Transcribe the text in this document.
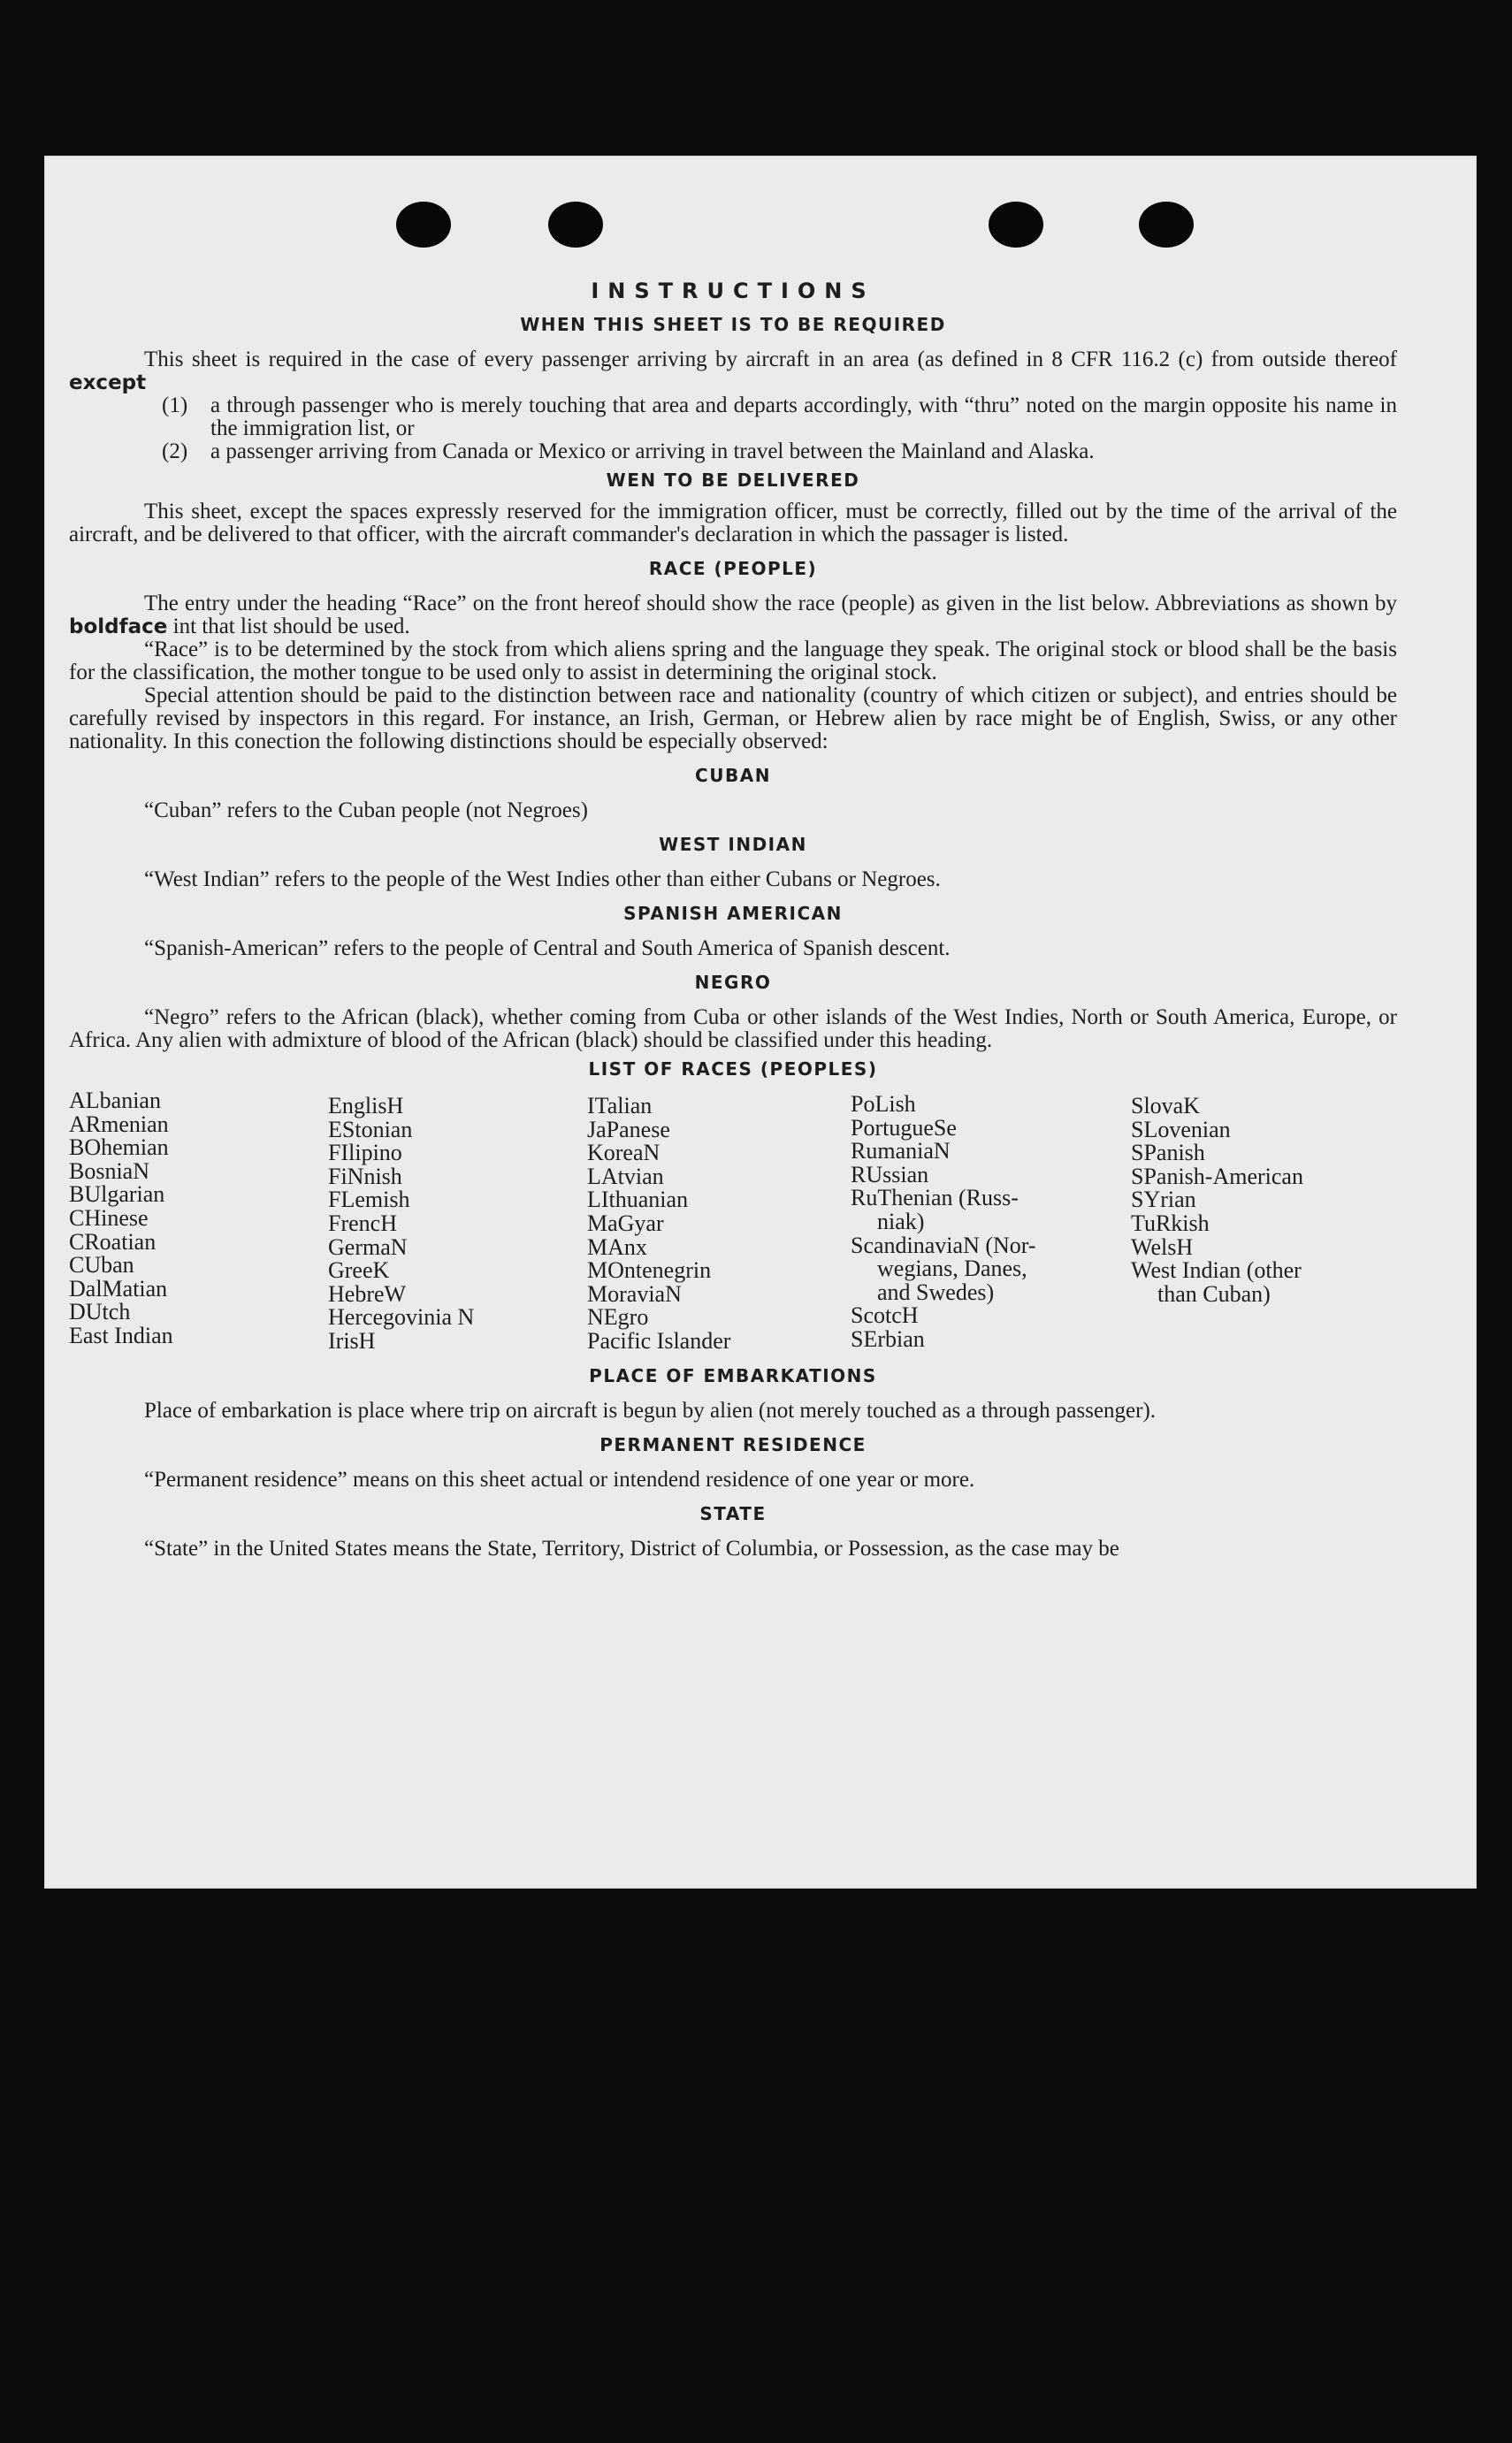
INSTRUCTIONS
WHEN THIS SHEET IS TO BE REQUIRED

This sheet is required in the case of every passenger arriving by aircraft in an area (as defined in 8 CFR 116.2 (c) from outside thereof except

(1)	a through passenger who is merely touching that area and departs accordingly, with “thru” noted on the margin opposite his name in the immigration list, or
(2)	a passenger arriving from Canada or Mexico or arriving in travel between the Mainland and Alaska.
WEN TO BE DELIVERED

This sheet, except the spaces expressly reserved for the immigration officer, must be correctly, filled out by the time of the arrival of the aircraft, and be delivered to that officer, with the aircraft commander's declaration in which the passager is listed.

RACE (PEOPLE)

The entry under the heading “Race” on the front hereof should show the race (people) as given in the list below. Abbreviations as shown by boldface int that list should be used.

“Race” is to be determined by the stock from which aliens spring and the language they speak. The original stock or blood shall be the basis for the classification, the mother tongue to be used only to assist in determining the original stock.

Special attention should be paid to the distinction between race and nationality (country of which citizen or subject), and entries should be carefully revised by inspectors in this regard. For instance, an Irish, German, or Hebrew alien by race might be of English, Swiss, or any other nationality. In this conection the following distinctions should be especially observed:

CUBAN

“Cuban” refers to the Cuban people (not Negroes)

WEST INDIAN

“West Indian” refers to the people of the West Indies other than either Cubans or Negroes.

SPANISH AMERICAN

“Spanish-American” refers to the people of Central and South America of Spanish descent.

NEGRO

“Negro” refers to the African (black), whether coming from Cuba or other islands of the West Indies, North or South America, Europe, or Africa. Any alien with admixture of blood of the African (black) should be classified under this heading.

LIST OF RACES (PEOPLES)
ALbanian
ARmenian
BOhemian
BosniaN
BUlgarian
CHinese
CRoatian
CUban
DalMatian
DUtch
East Indian
EnglisH
EStonian
FIlipino
FiNnish
FLemish
FrencH
GermaN
GreeK
HebreW
Hercegovinia N
IrisH
ITalian
JaPanese
KoreaN
LAtvian
LIthuanian
MaGyar
MAnx
MOntenegrin
MoraviaN
NEgro
Pacific Islander
PoLish
PortugueSe
RumaniaN
RUssian
RuThenian (Russ-
niak)
ScandinaviaN (Nor-
wegians, Danes,
and Swedes)
ScotcH
SErbian
SlovaK
SLovenian
SPanish
SPanish-American
SYrian
TuRkish
WelsH
West Indian (other
than Cuban)
PLACE OF EMBARKATIONS

Place of embarkation is place where trip on aircraft is begun by alien (not merely touched as a through passenger).

PERMANENT RESIDENCE

“Permanent residence” means on this sheet actual or intendend residence of one year or more.

STATE

“State” in the United States means the State, Territory, District of Columbia, or Possession, as the case may be
